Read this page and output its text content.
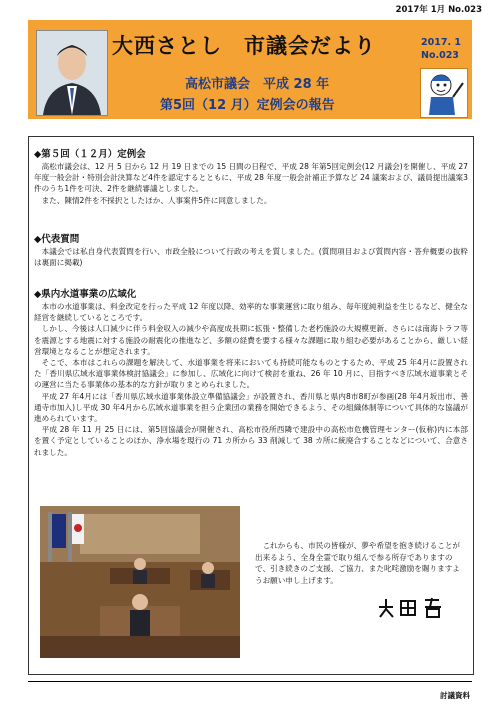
2017年 1月 No.023
大西さとし　市議会だより	2017. 1
No.023
高松市議会　平成 28 年
第5回（12 月）定例会の報告
◆第５回（１２月）定例会

高松市議会は、12 月 5 日から 12 月 19 日までの 15 日間の日程で、平成 28 年第5回定例会(12 月議会)を開催し、平成 27 年度一般会計・特別会計決算など4件を認定するとともに、平成 28 年度一般会計補正予算など 24 議案および、議員提出議案3件のうち1件を可決、2件を継続審議としました。

また、陳情2件を不採択としたほか、人事案件5件に同意しました。

◆代表質問

本議会では私自身代表質問を行い、市政全般について行政の考えを質しました。(質問項目および質問内容・答弁概要の抜粋は裏面に掲載)

◆県内水道事業の広域化

本市の水道事業は、料金改定を行った平成 12 年度以降、効率的な事業運営に取り組み、毎年度純利益を生じるなど、健全な経営を継続しているところです。

しかし、今後は人口減少に伴う料金収入の減少や高度成長期に拡張・整備した老朽施設の大規模更新、さらには南海トラフ等を震源とする地震に対する施設の耐震化の推進など、多額の経費を要する様々な課題に取り組む必要があることから、厳しい経営環境となることが想定されます。

そこで、本市はこれらの課題を解決して、水道事業を将来においても持続可能なものとするため、平成 25 年4月に設置された「香川県広域水道事業体検討協議会」に参加し、広域化に向けて検討を重ね、26 年 10 月に、目指すべき広域水道事業とその運営に当たる事業体の基本的な方針が取りまとめられました。

平成 27 年4月には「香川県広域水道事業体設立準備協議会」が設置され、香川県と県内8市8町が参画(28 年4月坂出市、善通寺市加入)し平成 30 年4月から広域水道事業を担う企業団の業務を開始できるよう、その組織体制等について具体的な協議が進められています。

平成 28 年 11 月 25 日には、第5回協議会が開催され、高松市役所西隣で建設中の高松市危機管理センター(仮称)内に本部を置く予定としていることのほか、浄水場を現行の 71 カ所から 33 削減して 38 カ所に統廃合することなどについて、合意されました。

これからも、市民の皆様が、夢や希望を抱き続けることが出来るよう、全身全霊で取り組んで参る所存でありますので、引き続きのご支援、ご協力、また叱咤激励を賜りますようお願い申し上げます。

討議資料
